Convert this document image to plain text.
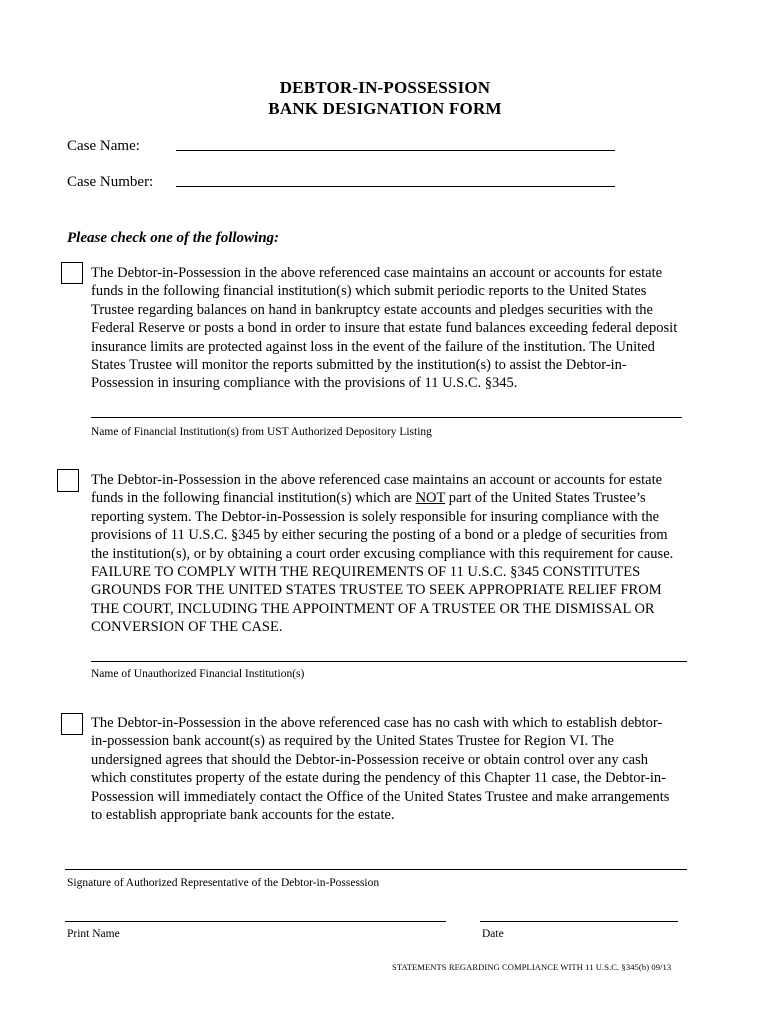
DEBTOR-IN-POSSESSION
BANK DESIGNATION FORM
Case Name:
Case Number:
Please check one of the following:

The Debtor-in-Possession in the above referenced case maintains an account or accounts for estate

funds in the following financial institution(s) which submit periodic reports to the United States

Trustee regarding balances on hand in bankruptcy estate accounts and pledges securities with the

Federal Reserve or posts a bond in order to insure that estate fund balances exceeding federal deposit

insurance limits are protected against loss in the event of the failure of the institution. The United

States Trustee will monitor the reports submitted by the institution(s) to assist the Debtor-in-

Possession in insuring compliance with the provisions of 11 U.S.C. §345.

Name of Financial Institution(s) from UST Authorized Depository Listing

The Debtor-in-Possession in the above referenced case maintains an account or accounts for estate

funds in the following financial institution(s) which are NOT part of the United States Trustee’s

reporting system. The Debtor-in-Possession is solely responsible for insuring compliance with the

provisions of 11 U.S.C. §345 by either securing the posting of a bond or a pledge of securities from

the institution(s), or by obtaining a court order excusing compliance with this requirement for cause.

FAILURE TO COMPLY WITH THE REQUIREMENTS OF 11 U.S.C. §345 CONSTITUTES

GROUNDS FOR THE UNITED STATES TRUSTEE TO SEEK APPROPRIATE RELIEF FROM

THE COURT, INCLUDING THE APPOINTMENT OF A TRUSTEE OR THE DISMISSAL OR

CONVERSION OF THE CASE.

Name of Unauthorized Financial Institution(s)

The Debtor-in-Possession in the above referenced case has no cash with which to establish debtor-

in-possession bank account(s) as required by the United States Trustee for Region VI. The

undersigned agrees that should the Debtor-in-Possession receive or obtain control over any cash

which constitutes property of the estate during the pendency of this Chapter 11 case, the Debtor-in-

Possession will immediately contact the Office of the United States Trustee and make arrangements

to establish appropriate bank accounts for the estate.

Signature of Authorized Representative of the Debtor-in-Possession
Print Name	Date
STATEMENTS REGARDING COMPLIANCE WITH 11 U.S.C. §345(b) 09/13
